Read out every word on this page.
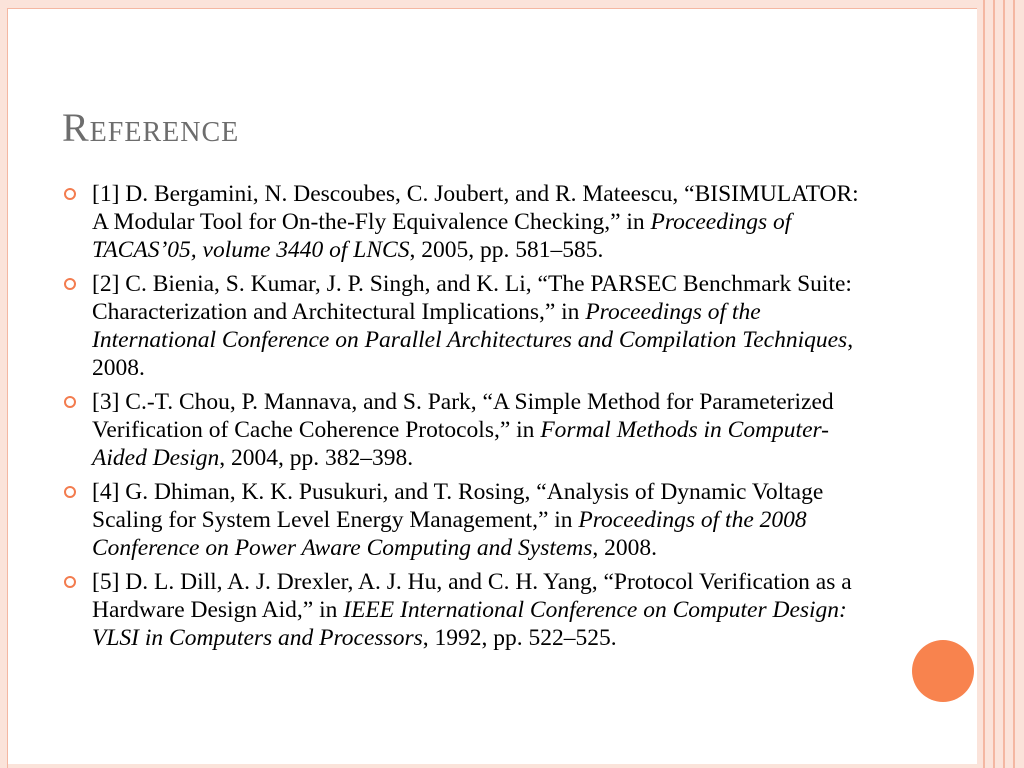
Reference
[1] D. Bergamini, N. Descoubes, C. Joubert, and R. Mateescu, “BISIMULATOR: A Modular Tool for On-the-Fly Equivalence Checking,” in Proceedings of TACAS’05, volume 3440 of LNCS, 2005, pp. 581–585.
[2] C. Bienia, S. Kumar, J. P. Singh, and K. Li, “The PARSEC Benchmark Suite: Characterization and Architectural Implications,” in Proceedings of the International Conference on Parallel Architectures and Compilation Techniques, 2008.
[3] C.-T. Chou, P. Mannava, and S. Park, “A Simple Method for Parameterized Verification of Cache Coherence Protocols,” in Formal Methods in Computer-Aided Design, 2004, pp. 382–398.
[4] G. Dhiman, K. K. Pusukuri, and T. Rosing, “Analysis of Dynamic Voltage Scaling for System Level Energy Management,” in Proceedings of the 2008 Conference on Power Aware Computing and Systems, 2008.
[5] D. L. Dill, A. J. Drexler, A. J. Hu, and C. H. Yang, “Protocol Verification as a Hardware Design Aid,” in IEEE International Conference on Computer Design: VLSI in Computers and Processors, 1992, pp. 522–525.
